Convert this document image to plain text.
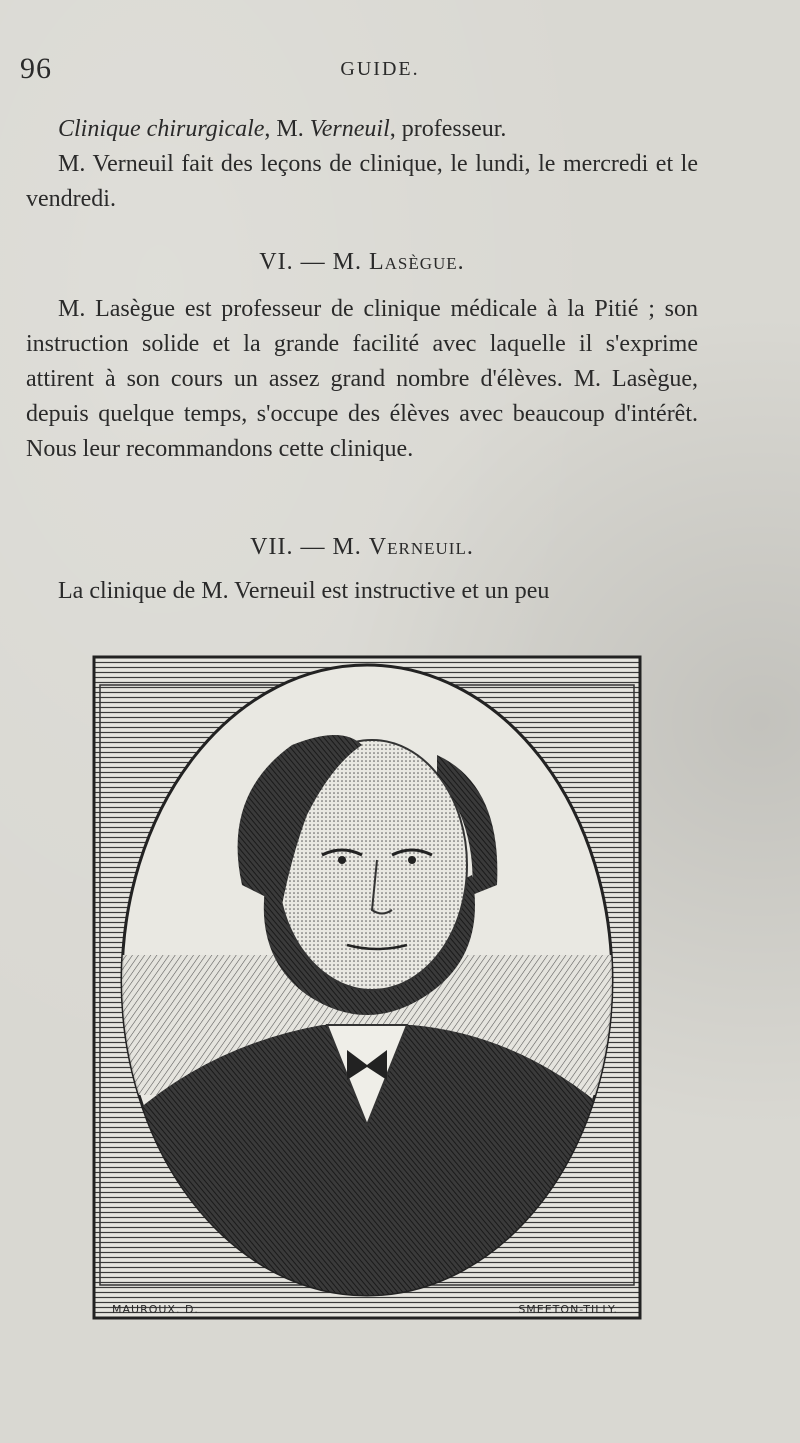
96	GUIDE.

Clinique chirurgicale, M. Verneuil, professeur.

M. Verneuil fait des leçons de clinique, le lundi, le mercredi et le vendredi.

VI. — M. Lasègue.

M. Lasègue est professeur de clinique médicale à la Pitié ; son instruction solide et la grande facilité avec laquelle il s'exprime attirent à son cours un assez grand nombre d'élèves. M. Lasègue, depuis quelque temps, s'occupe des élèves avec beaucoup d'intérêt. Nous leur recommandons cette clinique.

VII. — M. Verneuil.

La clinique de M. Verneuil est instructive et un peu

MAUROUX. D.	SMEETON-TILLY.
